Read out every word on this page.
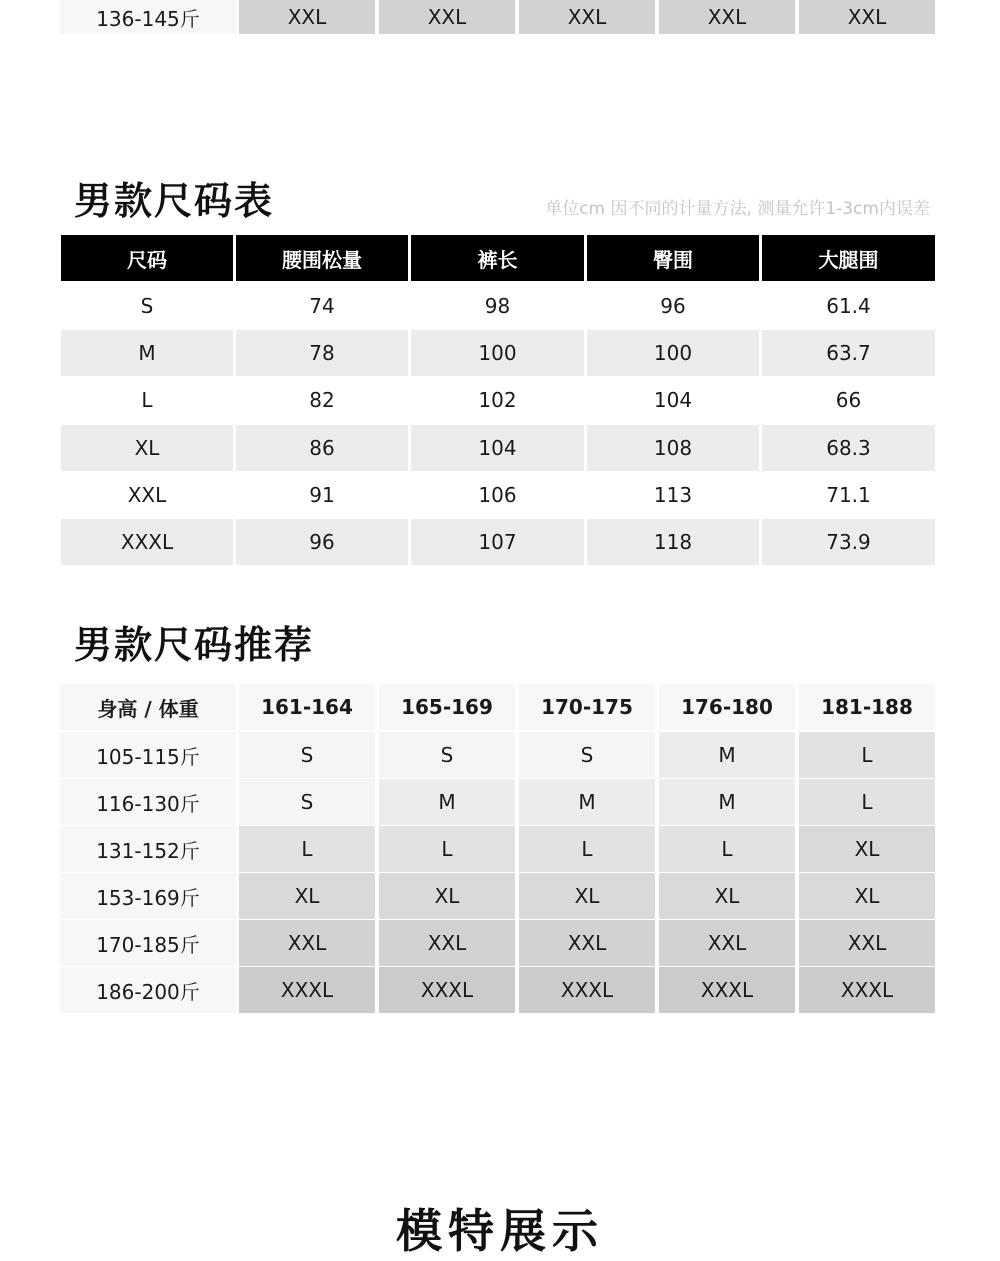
136-145斤	XXL	XXL	XXL	XXL	XXL
男款尺码表	单位cm 因不同的计量方法, 测量允许1-3cm内误差
尺码	腰围松量	裤长	臀围	大腿围
S	74	98	96	61.4
M	78	100	100	63.7
L	82	102	104	66
XL	86	104	108	68.3
XXL	91	106	113	71.1
XXXL	96	107	118	73.9
男款尺码推荐
身高 / 体重	161-164	165-169	170-175	176-180	181-188
105-115斤	S	S	S	M	L
116-130斤	S	M	M	M	L
131-152斤	L	L	L	L	XL
153-169斤	XL	XL	XL	XL	XL
170-185斤	XXL	XXL	XXL	XXL	XXL
186-200斤	XXXL	XXXL	XXXL	XXXL	XXXL
模特展示
